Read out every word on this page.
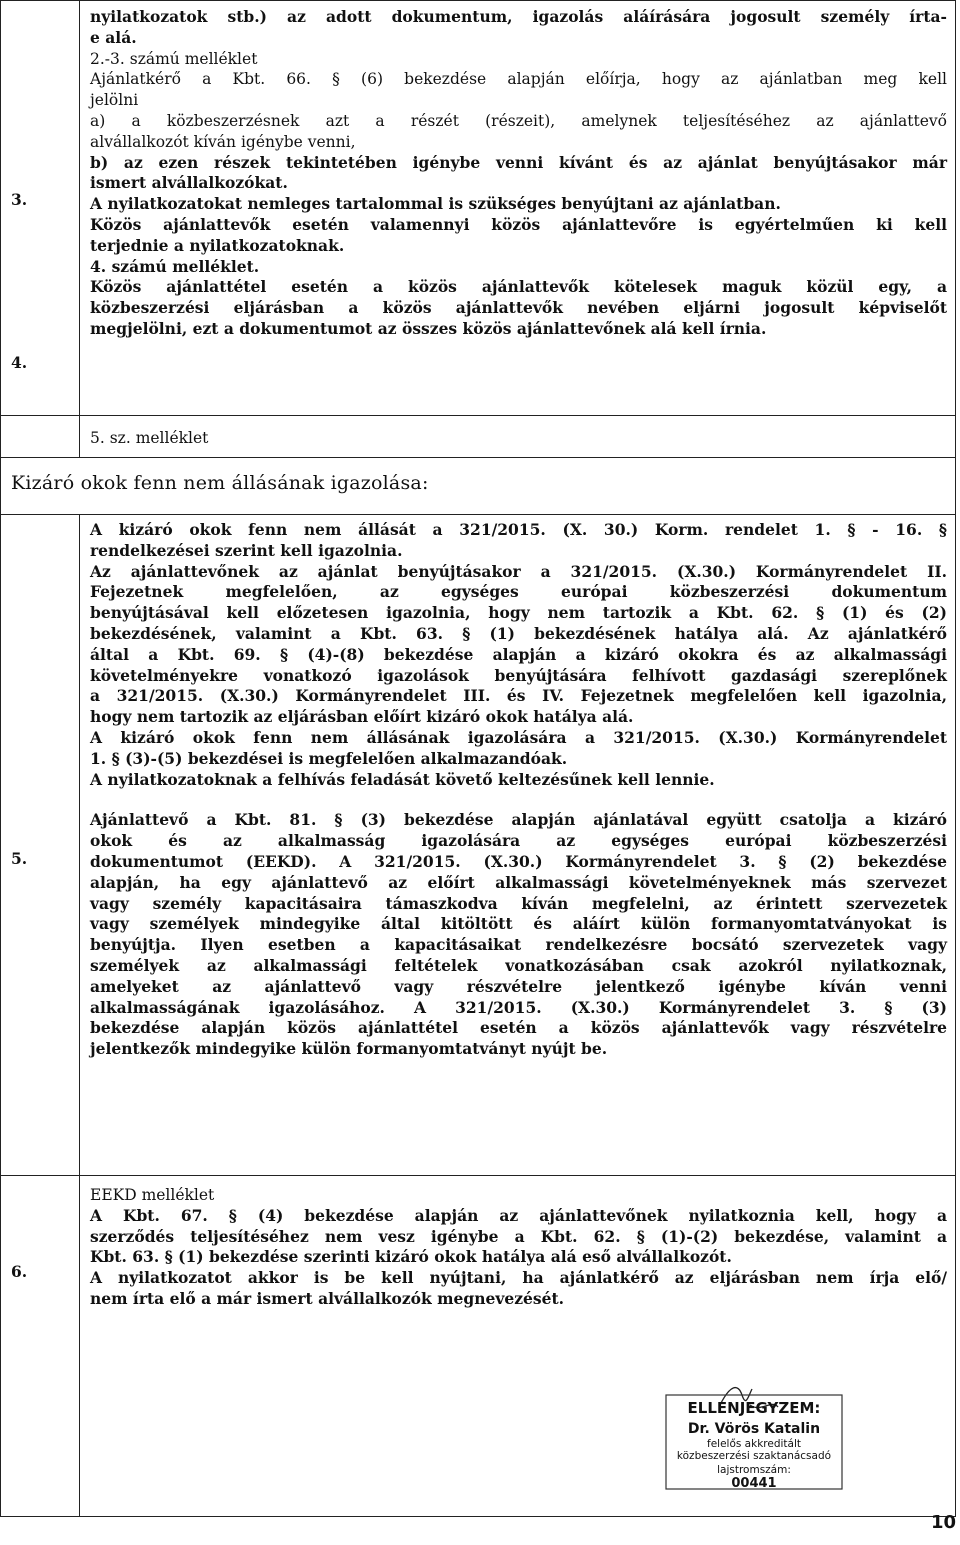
3.
4.

nyilatkozatok stb.) az adott dokumentum, igazolás aláírására jogosult személy írta-

e alá.

2.-3. számú melléklet

Ajánlatkérő a Kbt. 66. § (6) bekezdése alapján előírja, hogy az ajánlatban meg kell

jelölni

a) a közbeszerzésnek azt a részét (részeit), amelynek teljesítéséhez az ajánlattevő

alvállalkozót kíván igénybe venni,

b) az ezen részek tekintetében igénybe venni kívánt és az ajánlat benyújtásakor már

ismert alvállalkozókat.

A nyilatkozatokat nemleges tartalommal is szükséges benyújtani az ajánlatban.

Közös ajánlattevők esetén valamennyi közös ajánlattevőre is egyértelműen ki kell

terjednie a nyilatkozatoknak.

4. számú melléklet.

Közös ajánlattétel esetén a közös ajánlattevők kötelesek maguk közül egy, a

közbeszerzési eljárásban a közös ajánlattevők nevében eljárni jogosult képviselőt

megjelölni, ezt a dokumentumot az összes közös ajánlattevőnek alá kell írnia.

5. sz. melléklet

Kizáró okok fenn nem állásának igazolása:
5.

A kizáró okok fenn nem állását a 321/2015. (X. 30.) Korm. rendelet 1. § - 16. §

rendelkezései szerint kell igazolnia.

Az ajánlattevőnek az ajánlat benyújtásakor a 321/2015. (X.30.) Kormányrendelet II.

Fejezetnek megfelelően, az egységes európai közbeszerzési dokumentum

benyújtásával kell előzetesen igazolnia, hogy nem tartozik a Kbt. 62. § (1) és (2)

bekezdésének, valamint a Kbt. 63. § (1) bekezdésének hatálya alá. Az ajánlatkérő

által a Kbt. 69. § (4)-(8) bekezdése alapján a kizáró okokra és az alkalmassági

követelményekre vonatkozó igazolások benyújtására felhívott gazdasági szereplőnek

a 321/2015. (X.30.) Kormányrendelet III. és IV. Fejezetnek megfelelően kell igazolnia,

hogy nem tartozik az eljárásban előírt kizáró okok hatálya alá.

A kizáró okok fenn nem állásának igazolására a 321/2015. (X.30.) Kormányrendelet

1. § (3)-(5) bekezdései is megfelelően alkalmazandóak.

A nyilatkozatoknak a felhívás feladását követő keltezésűnek kell lennie.

Ajánlattevő a Kbt. 81. § (3) bekezdése alapján ajánlatával együtt csatolja a kizáró

okok és az alkalmasság igazolására az egységes európai közbeszerzési

dokumentumot (EEKD). A 321/2015. (X.30.) Kormányrendelet 3. § (2) bekezdése

alapján, ha egy ajánlattevő az előírt alkalmassági követelményeknek más szervezet

vagy személy kapacitásaira támaszkodva kíván megfelelni, az érintett szervezetek

vagy személyek mindegyike által kitöltött és aláírt külön formanyomtatványokat is

benyújtja. Ilyen esetben a kapacitásaikat rendelkezésre bocsátó szervezetek vagy

személyek az alkalmassági feltételek vonatkozásában csak azokról nyilatkoznak,

amelyeket az ajánlattevő vagy részvételre jelentkező igénybe kíván venni

alkalmasságának igazolásához. A 321/2015. (X.30.) Kormányrendelet 3. § (3)

bekezdése alapján közös ajánlattétel esetén a közös ajánlattevők vagy részvételre

jelentkezők mindegyike külön formanyomtatványt nyújt be.

6.

EEKD melléklet

A Kbt. 67. § (4) bekezdése alapján az ajánlattevőnek nyilatkoznia kell, hogy a

szerződés teljesítéséhez nem vesz igénybe a Kbt. 62. § (1)-(2) bekezdése, valamint a

Kbt. 63. § (1) bekezdése szerinti kizáró okok hatálya alá eső alvállalkozót.

A nyilatkozatot akkor is be kell nyújtani, ha ajánlatkérő az eljárásban nem írja elő/

nem írta elő a már ismert alvállalkozók megnevezését.

ELLENJEGYZEM:
Dr. Vörös Katalin
felelős akkreditált
közbeszerzési szaktanácsadó
lajstromszám:
00441
10
